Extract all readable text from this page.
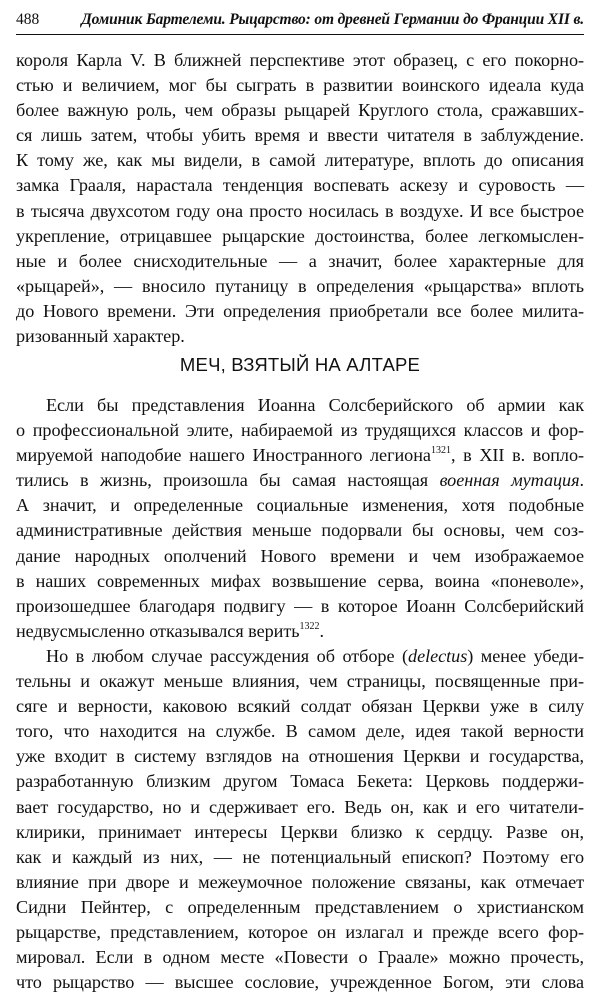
488	Доминик Бартелеми. Рыцарство: от древней Германии до Франции XII в.
короля Карла V. В ближней перспективе этот образец, с его покорно-
стью и величием, мог бы сыграть в развитии воинского идеала куда
более важную роль, чем образы рыцарей Круглого стола, сражавших-
ся лишь затем, чтобы убить время и ввести читателя в заблуждение.
К тому же, как мы видели, в самой литературе, вплоть до описания
замка Грааля, нарастала тенденция воспевать аскезу и суровость —
в тысяча двухсотом году она просто носилась в воздухе. И все быстрое
укрепление, отрицавшее рыцарские достоинства, более легкомыслен-
ные и более снисходительные — а значит, более характерные для
«рыцарей», — вносило путаницу в определения «рыцарства» вплоть
до Нового времени. Эти определения приобретали все более милита-
ризованный характер.
МЕЧ, ВЗЯТЫЙ НА АЛТАРЕ
Если бы представления Иоанна Солсберийского об армии как
о профессиональной элите, набираемой из трудящихся классов и фор-
мируемой наподобие нашего Иностранного легиона$^{1321}$, в XII в. вопло-
тились в жизнь, произошла бы самая настоящая военная мутация.
А значит, и определенные социальные изменения, хотя подобные
административные действия меньше подорвали бы основы, чем соз-
дание народных ополчений Нового времени и чем изображаемое
в наших современных мифах возвышение серва, воина «поневоле»,
произошедшее благодаря подвигу — в которое Иоанн Солсберийский
недвусмысленно отказывался верить$^{1322}$.
Но в любом случае рассуждения об отборе (delectus) менее убеди-
тельны и окажут меньше влияния, чем страницы, посвященные при-
сяге и верности, каковою всякий солдат обязан Церкви уже в силу
того, что находится на службе. В самом деле, идея такой верности
уже входит в систему взглядов на отношения Церкви и государства,
разработанную близким другом Томаса Бекета: Церковь поддержи-
вает государство, но и сдерживает его. Ведь он, как и его читатели-
клирики, принимает интересы Церкви близко к сердцу. Разве он,
как и каждый из них, — не потенциальный епископ? Поэтому его
влияние при дворе и межеумочное положение связаны, как отмечает
Сидни Пейнтер, с определенным представлением о христианском
рыцарстве, представлением, которое он излагал и прежде всего фор-
мировал. Если в одном месте «Повести о Граале» можно прочесть,
что рыцарство — высшее сословие, учрежденное Богом, эти слова
